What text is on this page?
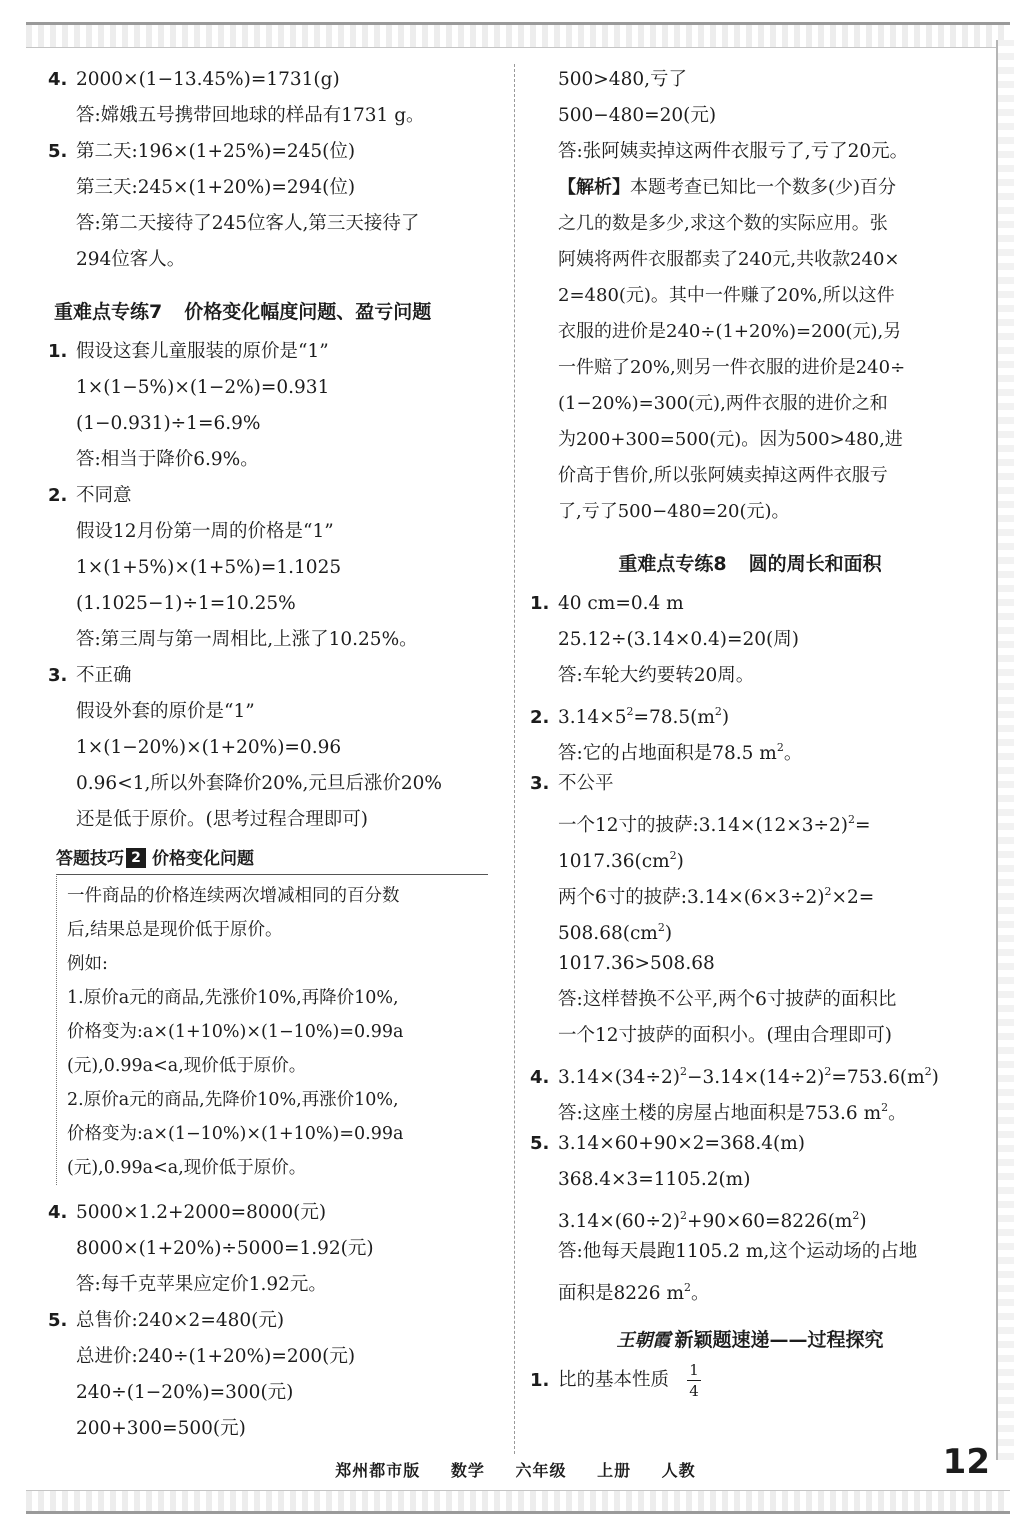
4. 2000×(1−13.45%)=1731(g)
答:嫦娥五号携带回地球的样品有1731 g。
5. 第二天:196×(1+25%)=245(位)
第三天:245×(1+20%)=294(位)
答:第二天接待了245位客人,第三天接待了
294位客人。
重难点专练7 价格变化幅度问题、盈亏问题
1. 假设这套儿童服装的原价是“1”
1×(1−5%)×(1−2%)=0.931
(1−0.931)÷1=6.9%
答:相当于降价6.9%。
2. 不同意
假设12月份第一周的价格是“1”
1×(1+5%)×(1+5%)=1.1025
(1.1025−1)÷1=10.25%
答:第三周与第一周相比,上涨了10.25%。
3. 不正确
假设外套的原价是“1”
1×(1−20%)×(1+20%)=0.96
0.96<1,所以外套降价20%,元旦后涨价20%
还是低于原价。(思考过程合理即可)
答题技巧 2 价格变化问题
一件商品的价格连续两次增减相同的百分数
后,结果总是现价低于原价。
例如:
1.原价a元的商品,先涨价10%,再降价10%,
价格变为:a×(1+10%)×(1−10%)=0.99a
(元),0.99a<a,现价低于原价。
2.原价a元的商品,先降价10%,再涨价10%,
价格变为:a×(1−10%)×(1+10%)=0.99a
(元),0.99a<a,现价低于原价。
4. 5000×1.2+2000=8000(元)
8000×(1+20%)÷5000=1.92(元)
答:每千克苹果应定价1.92元。
5. 总售价:240×2=480(元)
总进价:240÷(1+20%)=200(元)
240÷(1−20%)=300(元)
200+300=500(元)
500>480,亏了
500−480=20(元)
答:张阿姨卖掉这两件衣服亏了,亏了20元。
【解析】本题考查已知比一个数多(少)百分
之几的数是多少,求这个数的实际应用。张
阿姨将两件衣服都卖了240元,共收款240×
2=480(元)。其中一件赚了20%,所以这件
衣服的进价是240÷(1+20%)=200(元),另
一件赔了20%,则另一件衣服的进价是240÷
(1−20%)=300(元),两件衣服的进价之和
为200+300=500(元)。因为500>480,进
价高于售价,所以张阿姨卖掉这两件衣服亏
了,亏了500−480=20(元)。
重难点专练8 圆的周长和面积
1. 40 cm=0.4 m
25.12÷(3.14×0.4)=20(周)
答:车轮大约要转20周。
2. $3.14\times 5^2=78.5(m^2)$
答:它的占地面积是78.5 $m^2$。
3. 不公平
一个12寸的披萨$:3.14\times(12\times 3\div 2)^2=$
$1017.36(cm^2)$
两个6寸的披萨$:3.14\times(6\times 3\div 2)^2\times 2=$
$508.68(cm^2)$
1017.36>508.68
答:这样替换不公平,两个6寸披萨的面积比
一个12寸披萨的面积小。(理由合理即可)
4. $3.14\times(34\div 2)^2-3.14\times(14\div 2)^2=753.6(m^2)$
答:这座土楼的房屋占地面积是753.6 $m^2$。
5. 3.14×60+90×2=368.4(m)
368.4×3=1105.2(m)
$3.14\times(60\div 2)^2+90\times 60=8226(m^2)$
答:他每天晨跑1105.2 m,这个运动场的占地
面积是8226 $m^2$。
王朝霞 新颖题速递——过程探究
1. 比的基本性质 $\frac{1}{4}$
郑州都市版 数学 六年级 上册 人教	12
